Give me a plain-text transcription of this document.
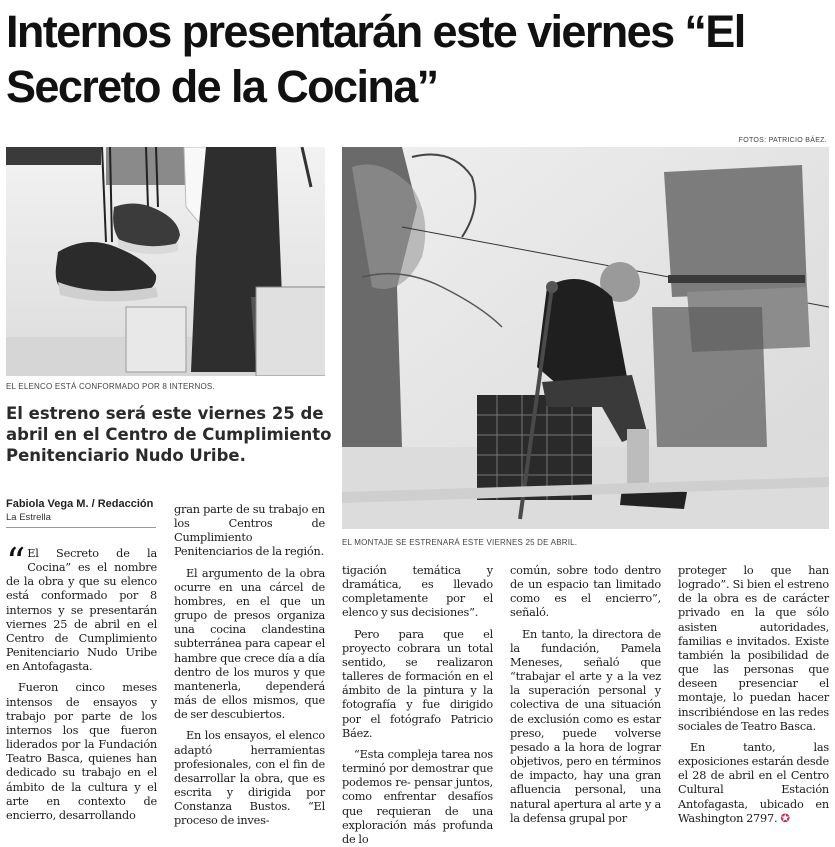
Internos presentarán este viernes “El Secreto de la Cocina”
FOTOS: PATRICIO BÁEZ.
EL ELENCO ESTÁ CONFORMADO POR 8 INTERNOS.
EL MONTAJE SE ESTRENARÁ ESTE VIERNES 25 DE ABRIL.
El estreno será este viernes 25 de abril en el Centro de Cumplimiento Penitenciario Nudo Uribe.
Fabiola Vega M. / Redacción
La Estrella

“ El Secreto de la Cocina” es el nombre de la obra y que su elenco está conformado por 8 internos y se presentarán viernes 25 de abril en el Centro de Cumplimiento Penitenciario Nudo Uribe en Antofagasta.

Fueron cinco meses intensos de ensayos y trabajo por parte de los internos los que fueron liderados por la Fundación Teatro Basca, quienes han dedicado su trabajo en el ámbito de la cultura y el arte en contexto de encierro, desarrollando

gran parte de su trabajo en los Centros de Cumplimiento Penitenciarios de la región.

El argumento de la obra ocurre en una cárcel de hombres, en el que un grupo de presos organiza una cocina clandestina subterránea para capear el hambre que crece día a día dentro de los muros y que mantenerla, dependerá más de ellos mismos, que de ser descubiertos.

En los ensayos, el elenco adaptó herramientas profesionales, con el fin de desarrollar la obra, que es escrita y dirigida por Constanza Bustos. “El proceso de inves-

tigación temática y dramática, es llevado completamente por el elenco y sus decisiones”.

Pero para que el proyecto cobrara un total sentido, se realizaron talleres de formación en el ámbito de la pintura y la fotografía y fue dirigido por el fotógrafo Patricio Báez.

“Esta compleja tarea nos terminó por demostrar que podemos re- pensar juntos, como enfrentar desafíos que requieran de una exploración más profunda de lo

común, sobre todo dentro de un espacio tan limitado como es el encierro”, señaló.

En tanto, la directora de la fundación, Pamela Meneses, señaló que “trabajar el arte y a la vez la superación personal y colectiva de una situación de exclusión como es estar preso, puede volverse pesado a la hora de lograr objetivos, pero en términos de impacto, hay una gran afluencia personal, una natural apertura al arte y a la defensa grupal por

proteger lo que han logrado”. Si bien el estreno de la obra es de carácter privado en la que sólo asisten autoridades, familias e invitados. Existe también la posibilidad de que las personas que deseen presenciar el montaje, lo puedan hacer inscribiéndose en las redes sociales de Teatro Basca.

En tanto, las exposiciones estarán desde el 28 de abril en el Centro Cultural Estación Antofagasta, ubicado en Washington 2797. ✪
